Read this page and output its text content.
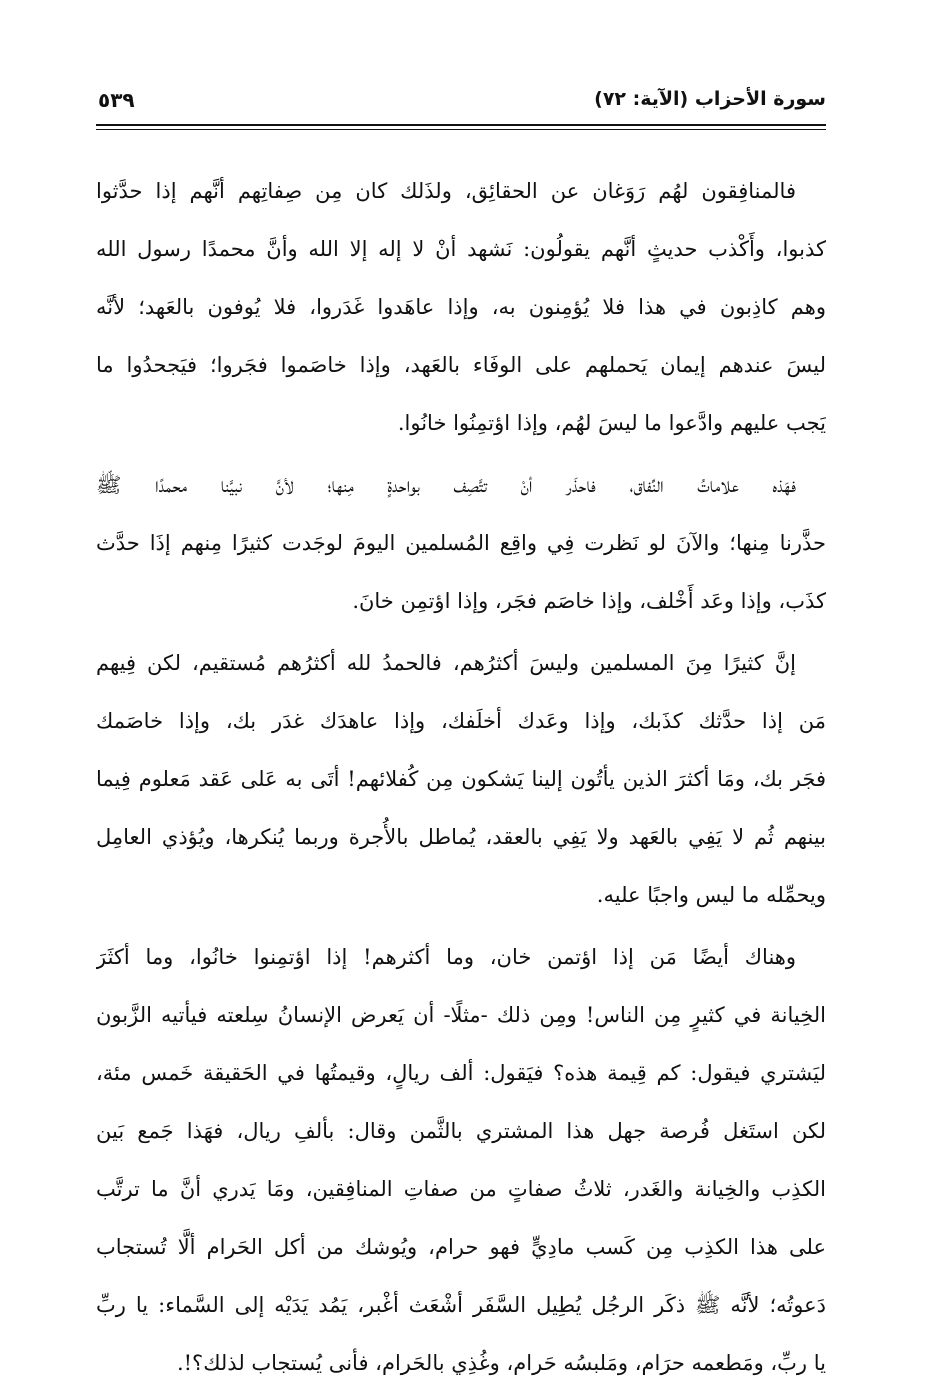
سورة الأحزاب (الآية: ٧٢)
٥٣٩
فالمنافِقون لهُم رَوَغان عن الحقائِق، ولذَلك كان مِن صِفاتِهم أنَّهم إذا حدَّثوا
كذبوا، وأَكْذب حديثٍ أنَّهم يقولُون: نَشهد أنْ لا إله إلا الله وأنَّ محمدًا رسول الله
وهم كاذِبون في هذا فلا يُؤمِنون به، وإذا عاهَدوا غَدَروا، فلا يُوفون بالعَهد؛ لأنَّه
ليسَ عندهم إيمان يَحملهم على الوفَاء بالعَهد، وإذا خاصَموا فجَروا؛ فيَجحدُوا ما
يَجب عليهم وادَّعوا ما ليسَ لهُم، وإذا اؤتمِنُوا خانُوا.
فهَذه علاماتُ النِّفاق، فاحذَر أنْ تتَّصِف بواحدةٍ مِنها؛ لأنَّ نبيَّنا محمدًا ﷺ
حذَّرنا مِنها؛ والآنَ لو نَظرت فِي واقِع المُسلمين اليومَ لوجَدت كثيرًا مِنهم إذَا حدَّث
كذَب، وإذا وعَد أَخْلف، وإذا خاصَم فجَر، وإذا اؤتمِن خانَ.
إنَّ كثيرًا مِنَ المسلمين وليسَ أكثرُهم، فالحمدُ لله أكثرُهم مُستقيم، لكن فِيهم
مَن إذا حدَّثك كذَبك، وإذا وعَدك أخلَفك، وإذا عاهدَك غدَر بك، وإذا خاصَمك
فجَر بك، ومَا أكثرَ الذين يأتُون إلينا يَشكون مِن كُفلائهم! أتَى به عَلى عَقد مَعلوم فِيما
بينهم ثُم لا يَفِي بالعَهد ولا يَفِي بالعقد، يُماطل بالأُجرة وربما يُنكرها، ويُؤذي العامِل
ويحمِّله ما ليس واجبًا عليه.
وهناك أيضًا مَن إذا اؤتمن خان، وما أكثرهم! إذا اؤتمِنوا خانُوا، وما أكثَرَ
الخِيانة في كثيرٍ مِن الناس! ومِن ذلك -مثلًا- أن يَعرض الإنسانُ سِلعته فيأتيه الزَّبون
ليَشتري فيقول: كم قِيمة هذه؟ فيَقول: ألف ريالٍ، وقيمتُها في الحَقيقة خَمس مئة،
لكن استَغل فُرصة جهل هذا المشتري بالثَّمن وقال: بألفِ ريال، فهَذا جَمع بَين
الكذِب والخِيانة والغَدر، ثلاثُ صفاتٍ من صفاتِ المنافِقين، ومَا يَدري أنَّ ما ترتَّب
على هذا الكذِب مِن كَسب مادِيٍّ فهو حرام، ويُوشك من أكل الحَرام ألَّا تُستجاب
دَعوتُه؛ لأنَّه ﷺ ذكَر الرجُل يُطِيل السَّفَر أشْعَث أغْبر، يَمُد يَدَيْه إلى السَّماء: يا ربِّ
يا ربِّ، ومَطعمه حرَام، ومَلبسُه حَرام، وغُذِي بالحَرام، فأنى يُستجاب لذلك؟!.
